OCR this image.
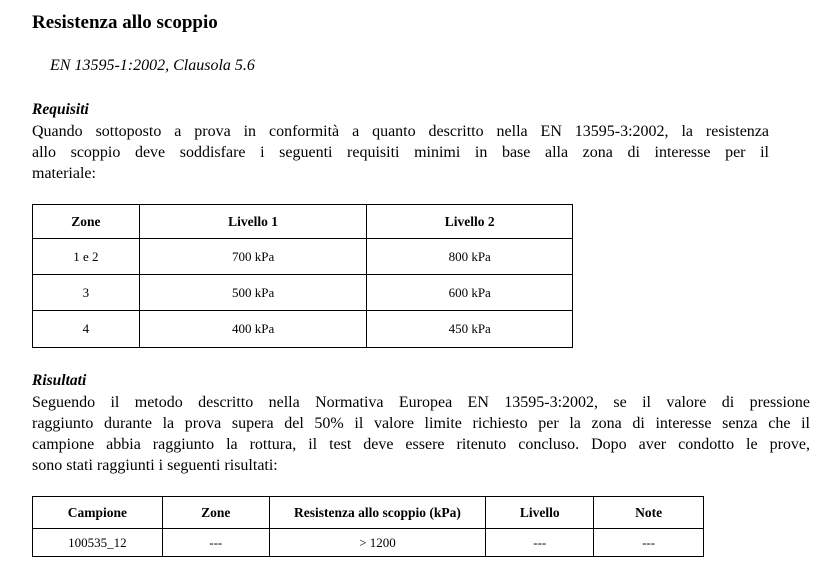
Resistenza allo scoppio
EN 13595-1:2002, Clausola 5.6
Requisiti
Quando sottoposto a prova in conformità a quanto descritto nella EN 13595-3:2002, la resistenza
allo scoppio deve soddisfare i seguenti requisiti minimi in base alla zona di interesse per il
materiale:
Zone	Livello 1	Livello 2
1 e 2	700 kPa	800 kPa
3	500 kPa	600 kPa
4	400 kPa	450 kPa
Risultati
Seguendo il metodo descritto nella Normativa Europea EN 13595-3:2002, se il valore di pressione
raggiunto durante la prova supera del 50% il valore limite richiesto per la zona di interesse senza che il
campione abbia raggiunto la rottura, il test deve essere ritenuto concluso. Dopo aver condotto le prove,
sono stati raggiunti i seguenti risultati:
Campione	Zone	Resistenza allo scoppio (kPa)	Livello	Note
100535_12	---	> 1200	---	---
